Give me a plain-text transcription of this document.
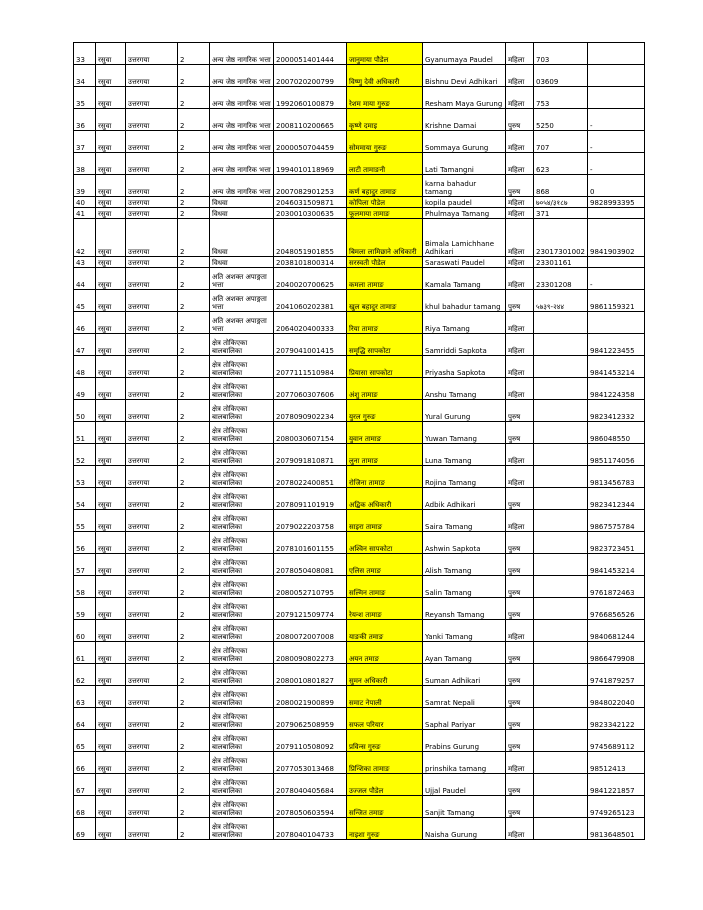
33	रसुवा	उत्तरगया	2	अन्य जेष्ठ नागरिक भत्ता	2000051401444	जानुमाया पौडेल	Gyanumaya Paudel	महिला	703	
34	रसुवा	उत्तरगया	2	अन्य जेष्ठ नागरिक भत्ता	2007020200799	विष्णु देवी अधिकारी	Bishnu Devi Adhikari	महिला	03609	
35	रसुवा	उत्तरगया	2	अन्य जेष्ठ नागरिक भत्ता	1992060100879	रेशम माया गुरुङ	Resham Maya Gurung	महिला	753	
36	रसुवा	उत्तरगया	2	अन्य जेष्ठ नागरिक भत्ता	2008110200665	कृष्णे दमाइ	Krishne Damai	पुरुष	5250	-
37	रसुवा	उत्तरगया	2	अन्य जेष्ठ नागरिक भत्ता	2000050704459	सोममाया गुरुङ	Sommaya Gurung	महिला	707	-
38	रसुवा	उत्तरगया	2	अन्य जेष्ठ नागरिक भत्ता	1994010118969	लाटी तामाङनी	Lati Tamangni	महिला	623	-
39	रसुवा	उत्तरगया	2	अन्य जेष्ठ नागरिक भत्ता	2007082901253	कर्ण बहादुर तामाङ	karna bahadur tamang	पुरुष	868	0
40	रसुवा	उत्तरगया	2	विधवा	2046031509871	कोपिला पौडेल	kopila paudel	महिला	७०५४/३१८७	9828993395
41	रसुवा	उत्तरगया	2	विधवा	2030010300635	फूलमाया तामाङ	Phulmaya Tamang	महिला	371	
42	रसुवा	उत्तरगया	2	विधवा	2048051901855	बिमला लामिछाने अधिकारी	Bimala Lamichhane Adhikari	महिला	23017301002	9841903902
43	रसुवा	उत्तरगया	2	विधवा	2038101800314	सरस्वती पौडेल	Saraswati Paudel	महिला	23301161	
44	रसुवा	उत्तरगया	2	अति अशक्त अपाङ्गता भत्ता	2040020700625	कमला तामाङ	Kamala Tamang	महिला	23301208	-
45	रसुवा	उत्तरगया	2	अति अशक्त अपाङ्गता भत्ता	2041060202381	खुल बहादुर तामाङ	khul bahadur tamang	पुरुष	५७३९-२४४	9861159321
46	रसुवा	उत्तरगया	2	अति अशक्त अपाङ्गता भत्ता	2064020400333	रिया तामाङ	Riya Tamang	महिला		
47	रसुवा	उत्तरगया	2	क्षेत्र तोकिएका बालबालिका	2079041001415	समृद्धि सापकोटा	Samriddi Sapkota	महिला		9841223455
48	रसुवा	उत्तरगया	2	क्षेत्र तोकिएका बालबालिका	2077111510984	प्रियासा सापकोटा	Priyasha Sapkota	महिला		9841453214
49	रसुवा	उत्तरगया	2	क्षेत्र तोकिएका बालबालिका	2077060307606	अंशु तामाङ	Anshu Tamang	महिला		9841224358
50	रसुवा	उत्तरगया	2	क्षेत्र तोकिएका बालबालिका	2078090902234	युरल गुरुङ	Yural Gurung	पुरुष		9823412332
51	रसुवा	उत्तरगया	2	क्षेत्र तोकिएका बालबालिका	2080030607154	युवान तामाङ	Yuwan Tamang	पुरुष		986048550
52	रसुवा	उत्तरगया	2	क्षेत्र तोकिएका बालबालिका	2079091810871	लुना तामाङ	Luna Tamang	महिला		9851174056
53	रसुवा	उत्तरगया	2	क्षेत्र तोकिएका बालबालिका	2078022400851	रोजिना तामाङ	Rojina Tamang	महिला		9813456783
54	रसुवा	उत्तरगया	2	क्षेत्र तोकिएका बालबालिका	2078091101919	अद्बिक अधिकारी	Adbik Adhikari	पुरुष		9823412344
55	रसुवा	उत्तरगया	2	क्षेत्र तोकिएका बालबालिका	2079022203758	साइरा तामाङ	Saira Tamang	महिला		9867575784
56	रसुवा	उत्तरगया	2	क्षेत्र तोकिएका बालबालिका	2078101601155	अश्विन सापकोटा	Ashwin Sapkota	पुरुष		9823723451
57	रसुवा	उत्तरगया	2	क्षेत्र तोकिएका बालबालिका	2078050408081	एलिस तमाङ	Alish Tamang	पुरुष		9841453214
58	रसुवा	उत्तरगया	2	क्षेत्र तोकिएका बालबालिका	2080052710795	सल्मिन तामाङ	Salin Tamang	पुरुष		9761872463
59	रसुवा	उत्तरगया	2	क्षेत्र तोकिएका बालबालिका	2079121509774	रेयन्श तामाङ	Reyansh Tamang	पुरुष		9766856526
60	रसुवा	उत्तरगया	2	क्षेत्र तोकिएका बालबालिका	2080072007008	याङकी तमाङ	Yanki Tamang	महिला		9840681244
61	रसुवा	उत्तरगया	2	क्षेत्र तोकिएका बालबालिका	2080090802273	अयन तमाङ	Ayan Tamang	पुरुष		9866479908
62	रसुवा	उत्तरगया	2	क्षेत्र तोकिएका बालबालिका	2080010801827	सुमन अधिकारी	Suman Adhikari	पुरुष		9741879257
63	रसुवा	उत्तरगया	2	क्षेत्र तोकिएका बालबालिका	2080021900899	समाट नेपाली	Samrat Nepali	पुरुष		9848022040
64	रसुवा	उत्तरगया	2	क्षेत्र तोकिएका बालबालिका	2079062508959	सफल परियार	Saphal Pariyar	पुरुष		9823342122
65	रसुवा	उत्तरगया	2	क्षेत्र तोकिएका बालबालिका	2079110508092	प्रविन्स गुरुङ	Prabins Gurung	पुरुष		9745689112
66	रसुवा	उत्तरगया	2	क्षेत्र तोकिएका बालबालिका	2077053013468	प्रिन्शिका तामाङ	prinshika tamang	महिला		98512413
67	रसुवा	उत्तरगया	2	क्षेत्र तोकिएका बालबालिका	2078040405684	उज्जल पौडेल	Ujjal Paudel	पुरुष		9841221857
68	रसुवा	उत्तरगया	2	क्षेत्र तोकिएका बालबालिका	2078050603594	सन्जित तमाङ	Sanjit Tamang	पुरुष		9749265123
69	रसुवा	उत्तरगया	2	क्षेत्र तोकिएका बालबालिका	2078040104733	नाइशा गुरुङ	Naisha Gurung	महिला		9813648501
